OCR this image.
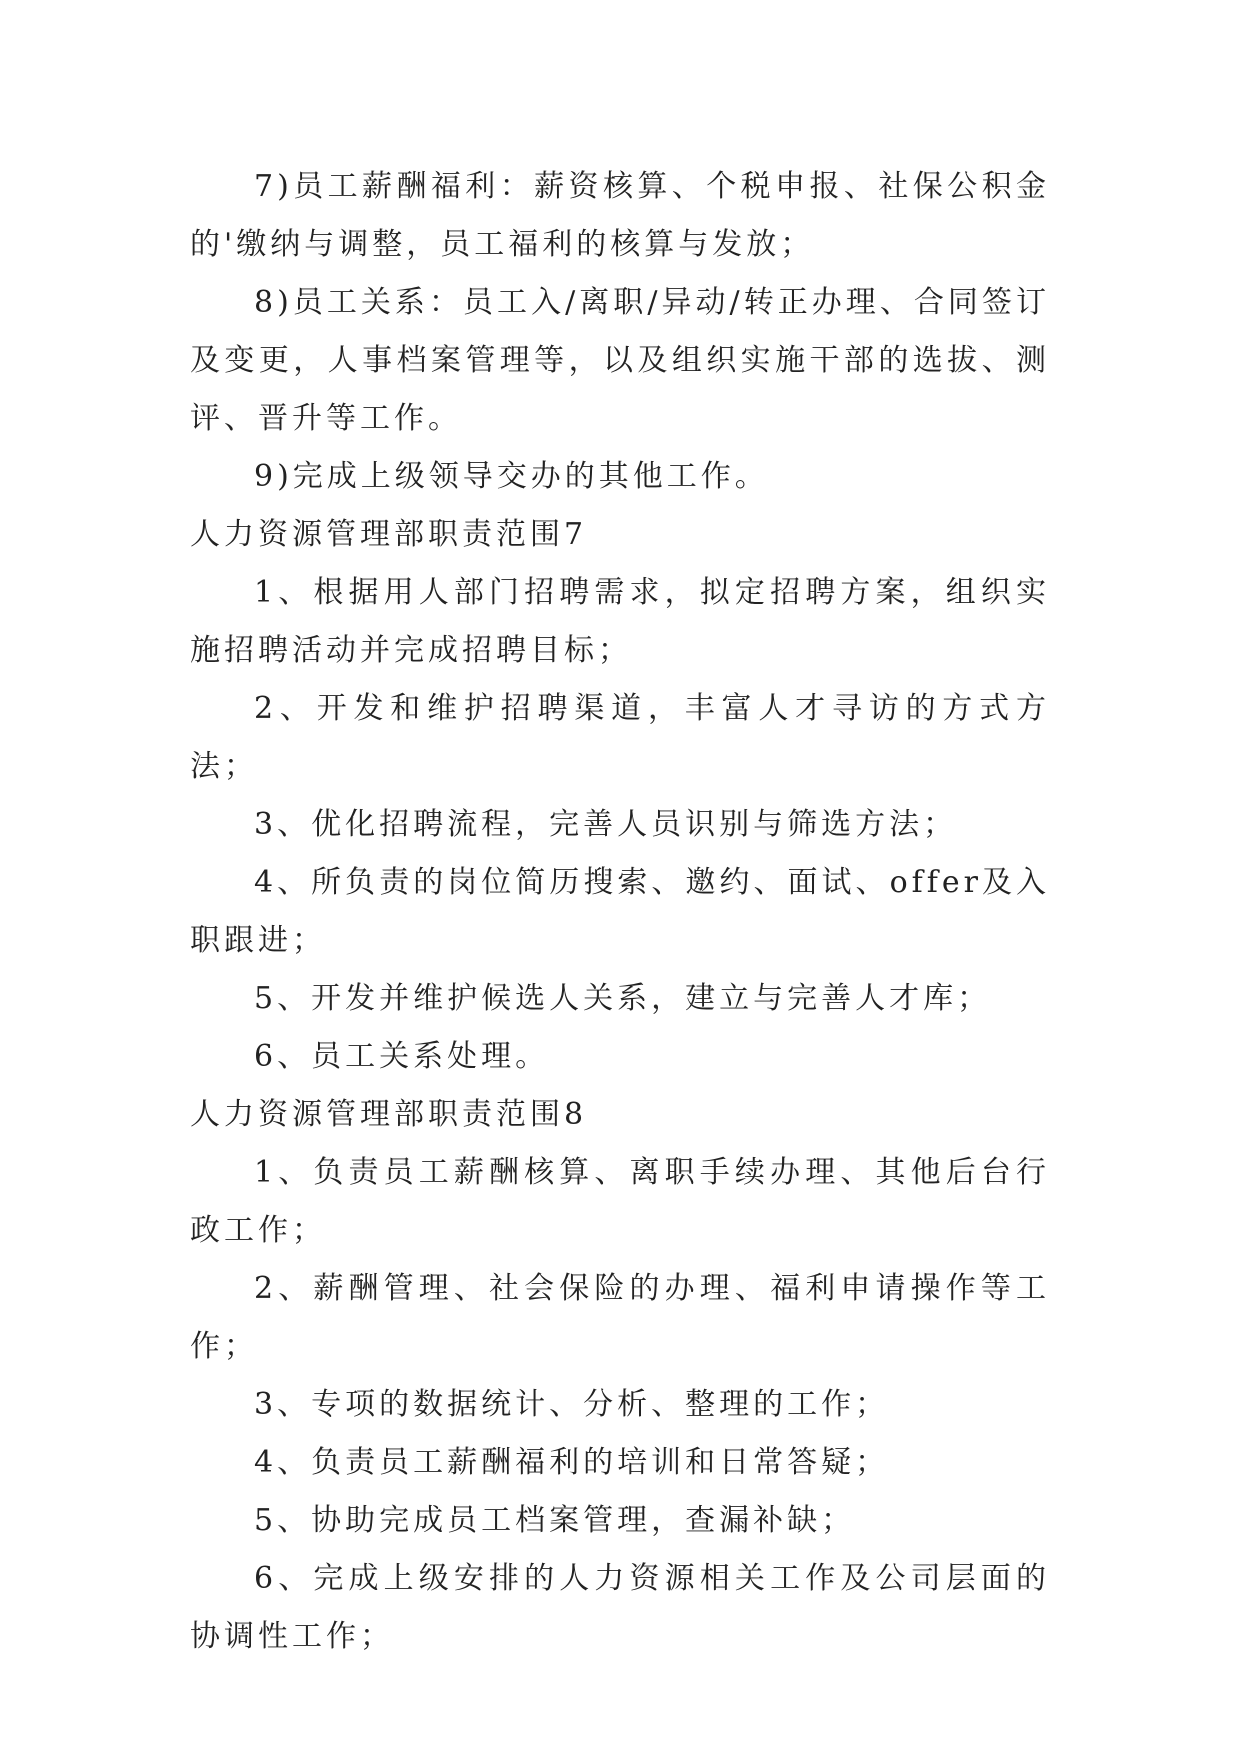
7)员工薪酬福利：薪资核算、个税申报、社保公积金的'缴纳与调整，员工福利的核算与发放；

8)员工关系：员工入/离职/异动/转正办理、合同签订及变更，人事档案管理等，以及组织实施干部的选拔、测评、晋升等工作。

9)完成上级领导交办的其他工作。

人力资源管理部职责范围7

1、根据用人部门招聘需求，拟定招聘方案，组织实施招聘活动并完成招聘目标；

2、开发和维护招聘渠道，丰富人才寻访的方式方法；

3、优化招聘流程，完善人员识别与筛选方法；

4、所负责的岗位简历搜索、邀约、面试、offer及入职跟进；

5、开发并维护候选人关系，建立与完善人才库；

6、员工关系处理。

人力资源管理部职责范围8

1、负责员工薪酬核算、离职手续办理、其他后台行政工作；

2、薪酬管理、社会保险的办理、福利申请操作等工作；

3、专项的数据统计、分析、整理的工作；

4、负责员工薪酬福利的培训和日常答疑；

5、协助完成员工档案管理，查漏补缺；

6、完成上级安排的人力资源相关工作及公司层面的协调性工作；
